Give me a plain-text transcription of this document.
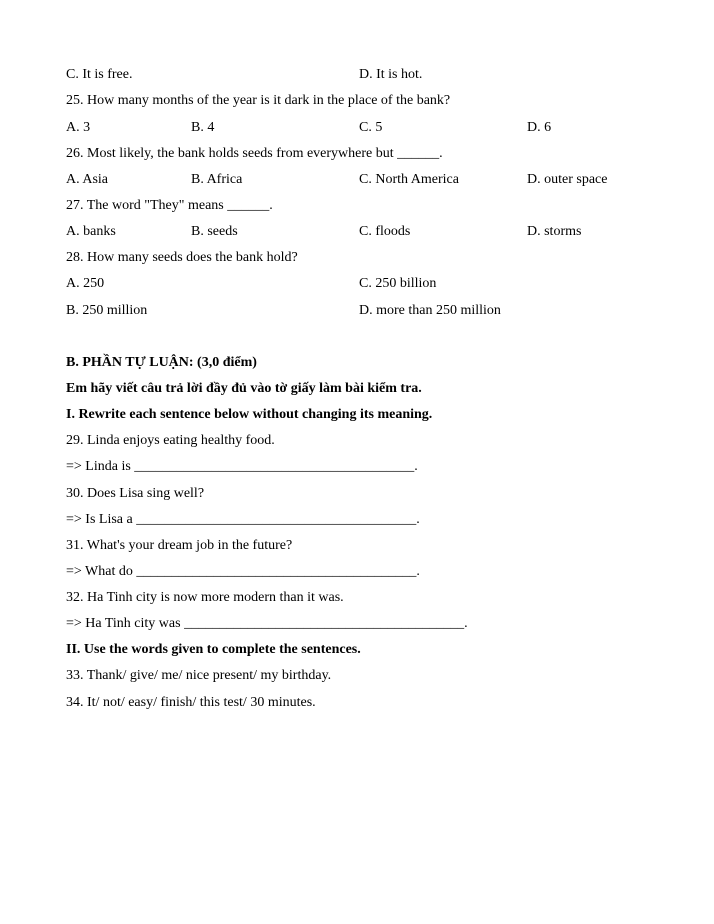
C. It is free.	D. It is hot.
25. How many months of the year is it dark in the place of the bank?
A. 3	B. 4	C. 5	D. 6
26. Most likely, the bank holds seeds from everywhere but ______.
A. Asia	B. Africa	C. North America	D. outer space
27. The word "They" means ______.
A. banks	B. seeds	C. floods	D. storms
28. How many seeds does the bank hold?
A. 250	C. 250 billion
B. 250 million	D. more than 250 million
B. PHẦN TỰ LUẬN: (3,0 điểm)
Em hãy viết câu trả lời đầy đủ vào tờ giấy làm bài kiểm tra.
I. Rewrite each sentence below without changing its meaning.
29. Linda enjoys eating healthy food.
=> Linda is ________________________________________.
30. Does Lisa sing well?
=> Is Lisa a ________________________________________.
31. What's your dream job in the future?
=> What do ________________________________________.
32. Ha Tinh city is now more modern than it was.
=> Ha Tinh city was ________________________________________.
II. Use the words given to complete the sentences.
33. Thank/ give/ me/ nice present/ my birthday.
34. It/ not/ easy/ finish/ this test/ 30 minutes.
